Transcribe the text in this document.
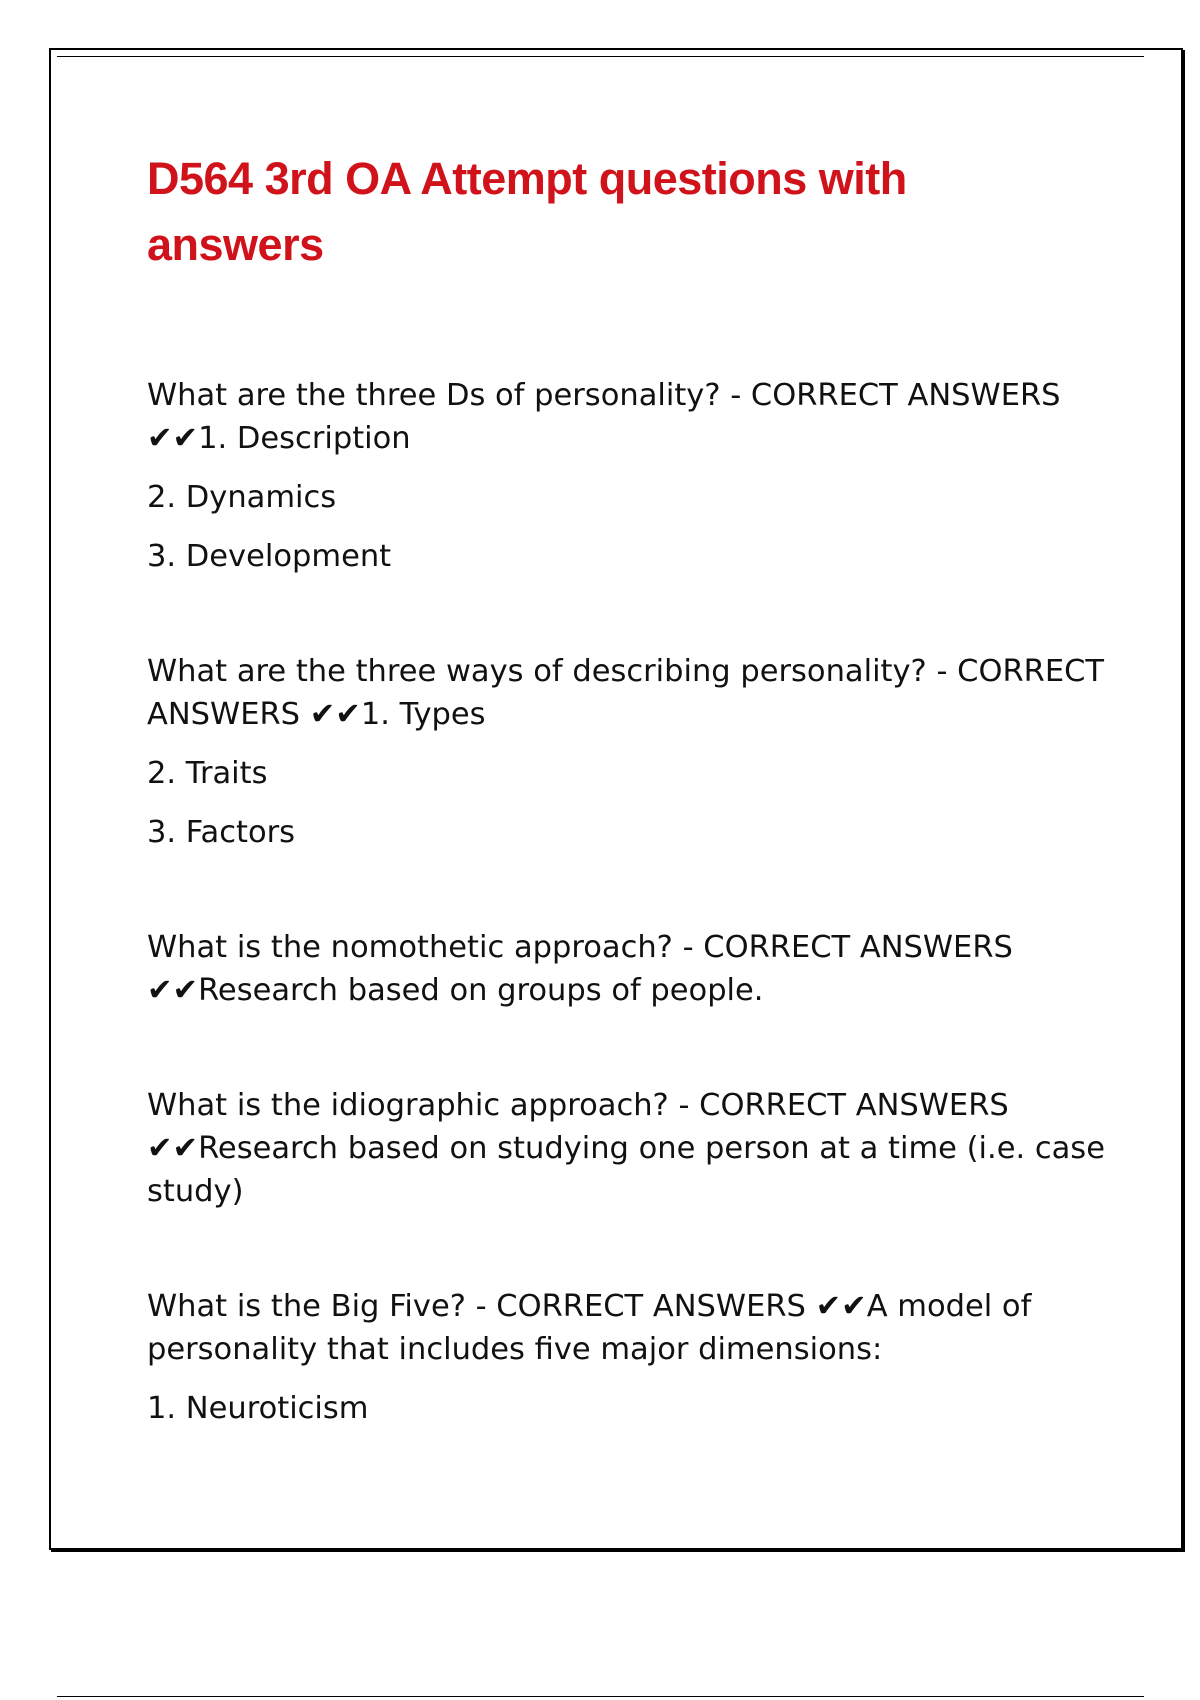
D564 3rd OA Attempt questions with answers

What are the three Ds of personality? - CORRECT ANSWERS ✔✔1. Description

2. Dynamics

3. Development

What are the three ways of describing personality? - CORRECT ANSWERS ✔✔1. Types

2. Traits

3. Factors

What is the nomothetic approach? - CORRECT ANSWERS ✔✔Research based on groups of people.

What is the idiographic approach? - CORRECT ANSWERS ✔✔Research based on studying one person at a time (i.e. case study)

What is the Big Five? - CORRECT ANSWERS ✔✔A model of personality that includes five major dimensions:

1. Neuroticism
